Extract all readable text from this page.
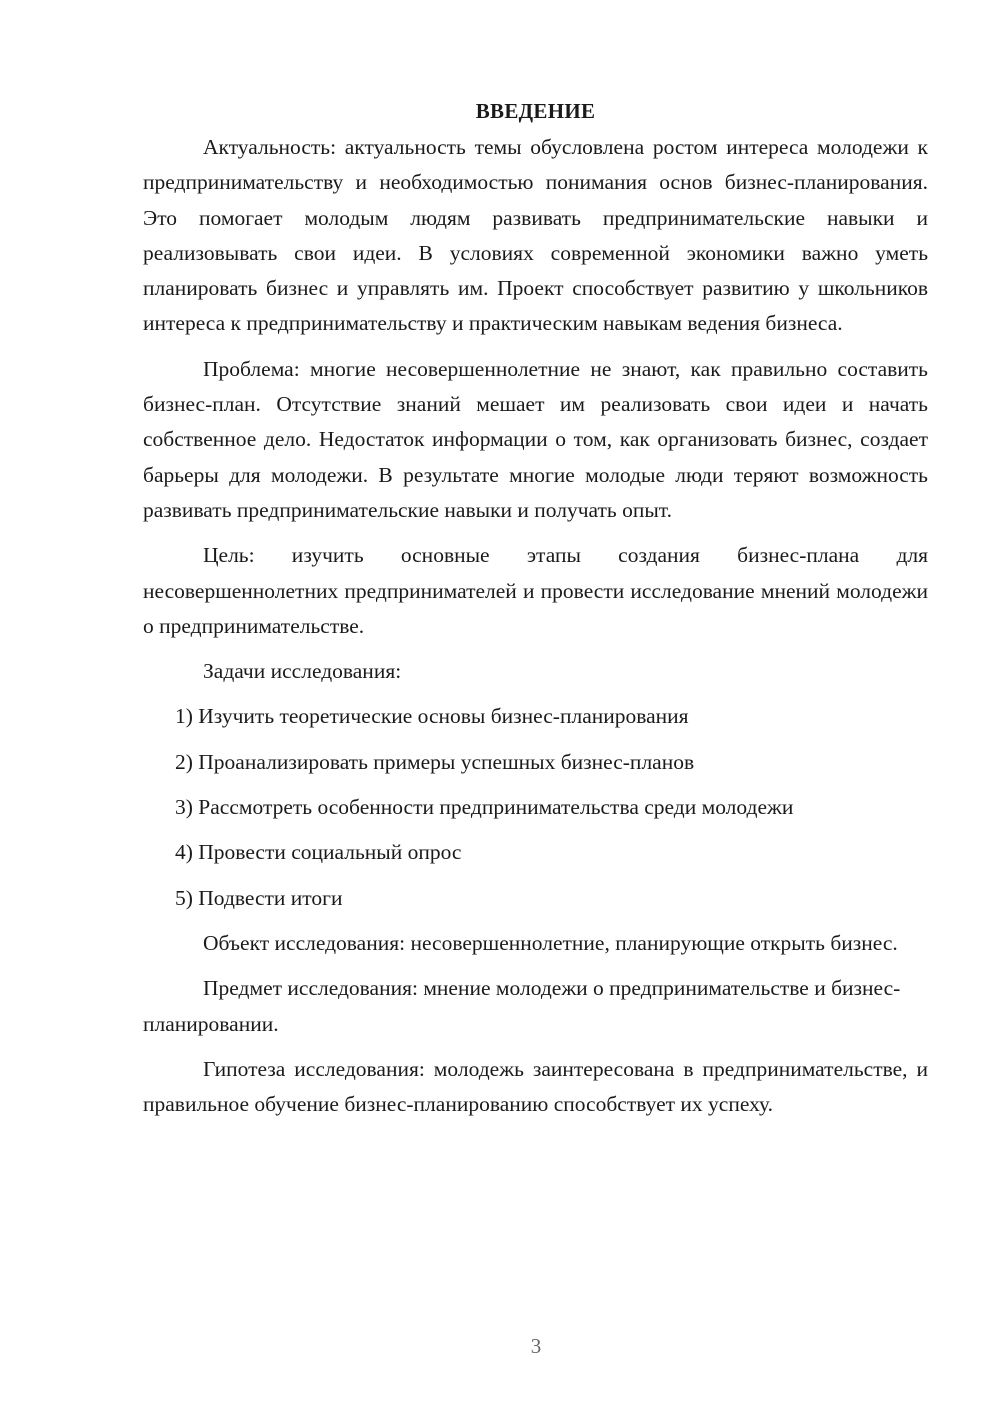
ВВЕДЕНИЕ

Актуальность: актуальность темы обусловлена ростом интереса молодежи к предпринимательству и необходимостью понимания основ бизнес-планирования. Это помогает молодым людям развивать предпринимательские навыки и реализовывать свои идеи. В условиях современной экономики важно уметь планировать бизнес и управлять им. Проект способствует развитию у школьников интереса к предпринимательству и практическим навыкам ведения бизнеса.

Проблема: многие несовершеннолетние не знают, как правильно составить бизнес-план. Отсутствие знаний мешает им реализовать свои идеи и начать собственное дело. Недостаток информации о том, как организовать бизнес, создает барьеры для молодежи. В результате многие молодые люди теряют возможность развивать предпринимательские навыки и получать опыт.

Цель: изучить основные этапы создания бизнес-плана для несовершеннолетних предпринимателей и провести исследование мнений молодежи о предпринимательстве.

Задачи исследования:

1) Изучить теоретические основы бизнес-планирования
2) Проанализировать примеры успешных бизнес-планов
3) Рассмотреть особенности предпринимательства среди молодежи
4) Провести социальный опрос
5) Подвести итоги

Объект исследования: несовершеннолетние, планирующие открыть бизнес.

Предмет исследования: мнение молодежи о предпринимательстве и бизнес-планировании.

Гипотеза исследования: молодежь заинтересована в предпринимательстве, и правильное обучение бизнес-планированию способствует их успеху.

3
